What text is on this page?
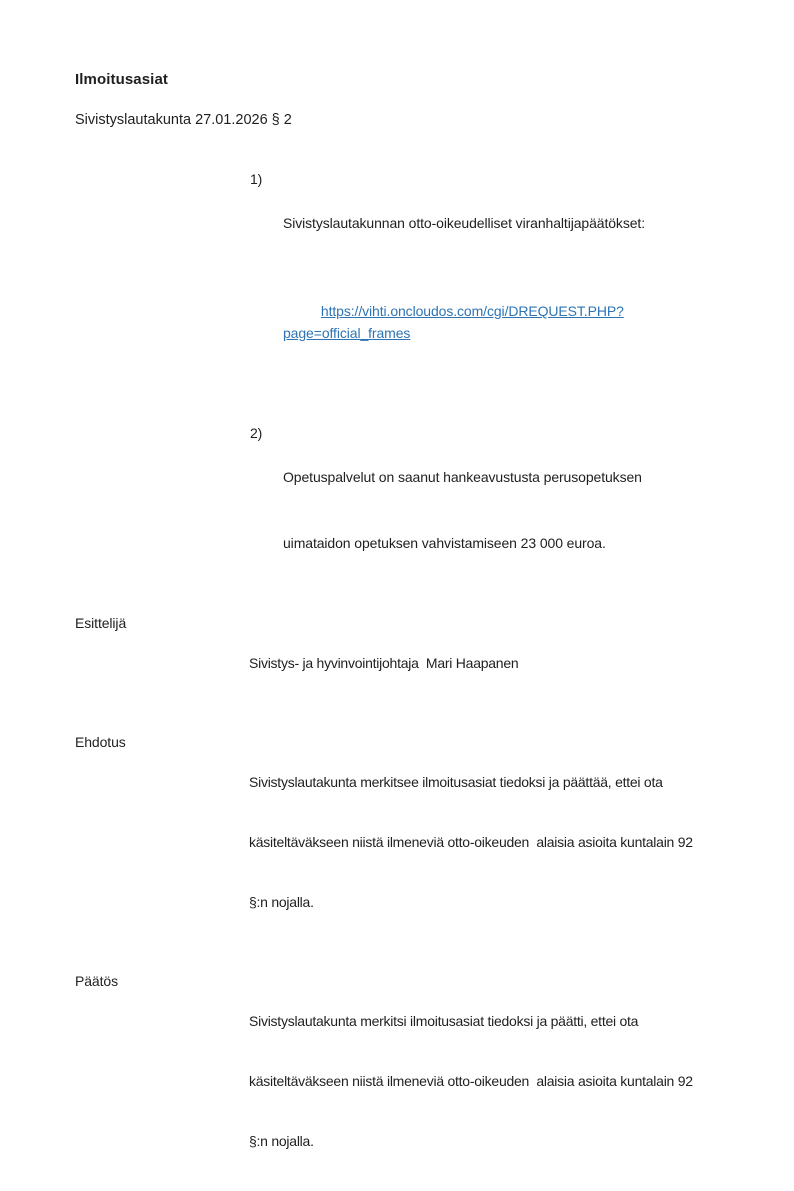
Ilmoitusasiat

Sivistyslautakunta 27.01.2026 § 2

1)

Sivistyslautakunnan otto-oikeudelliset viranhaltijapäätökset:

https://vihti.oncloudos.com/cgi/DREQUEST.PHP?page=official_frames

2)

Opetuspalvelut on saanut hankeavustusta perusopetuksen

uimataidon opetuksen vahvistamiseen 23 000 euroa.

Esittelijä

Sivistys- ja hyvinvointijohtaja  Mari Haapanen

Ehdotus

Sivistyslautakunta merkitsee ilmoitusasiat tiedoksi ja päättää, ettei ota

käsiteltäväkseen niistä ilmeneviä otto-oikeuden  alaisia asioita kuntalain 92

§:n nojalla.

Päätös

Sivistyslautakunta merkitsi ilmoitusasiat tiedoksi ja päätti, ettei ota

käsiteltäväkseen niistä ilmeneviä otto-oikeuden  alaisia asioita kuntalain 92

§:n nojalla.
